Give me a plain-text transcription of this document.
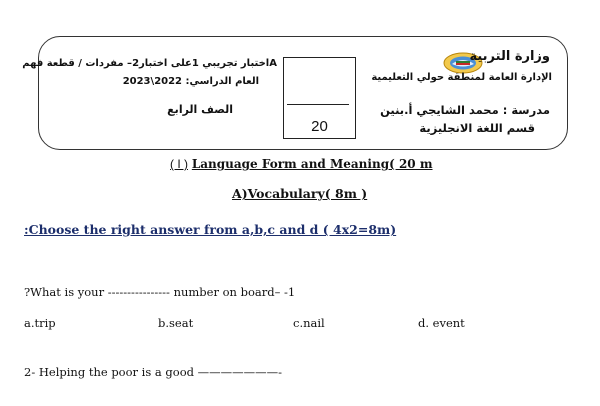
وزارة التربية
الإدارة العامة لمنطقة حولي التعليمية
مدرسة : محمد الشايجي أ.بنين
قسم اللغة الانجليزية
Aاختبار تجريبي 1على اختبار2– مفردات / قطعة فهم
العام الدراسي: 2022\2023
الصف الرابع
20
( I ) Language Form and Meaning( 20 m
A)Vocabulary( 8m )
:Choose the right answer from a,b,c and d ( 4x2=8m)
?What is your ---------------- number on board– -1
a.trip	b.seat	c.nail	d. event
2- Helping the poor is a good ———————-
